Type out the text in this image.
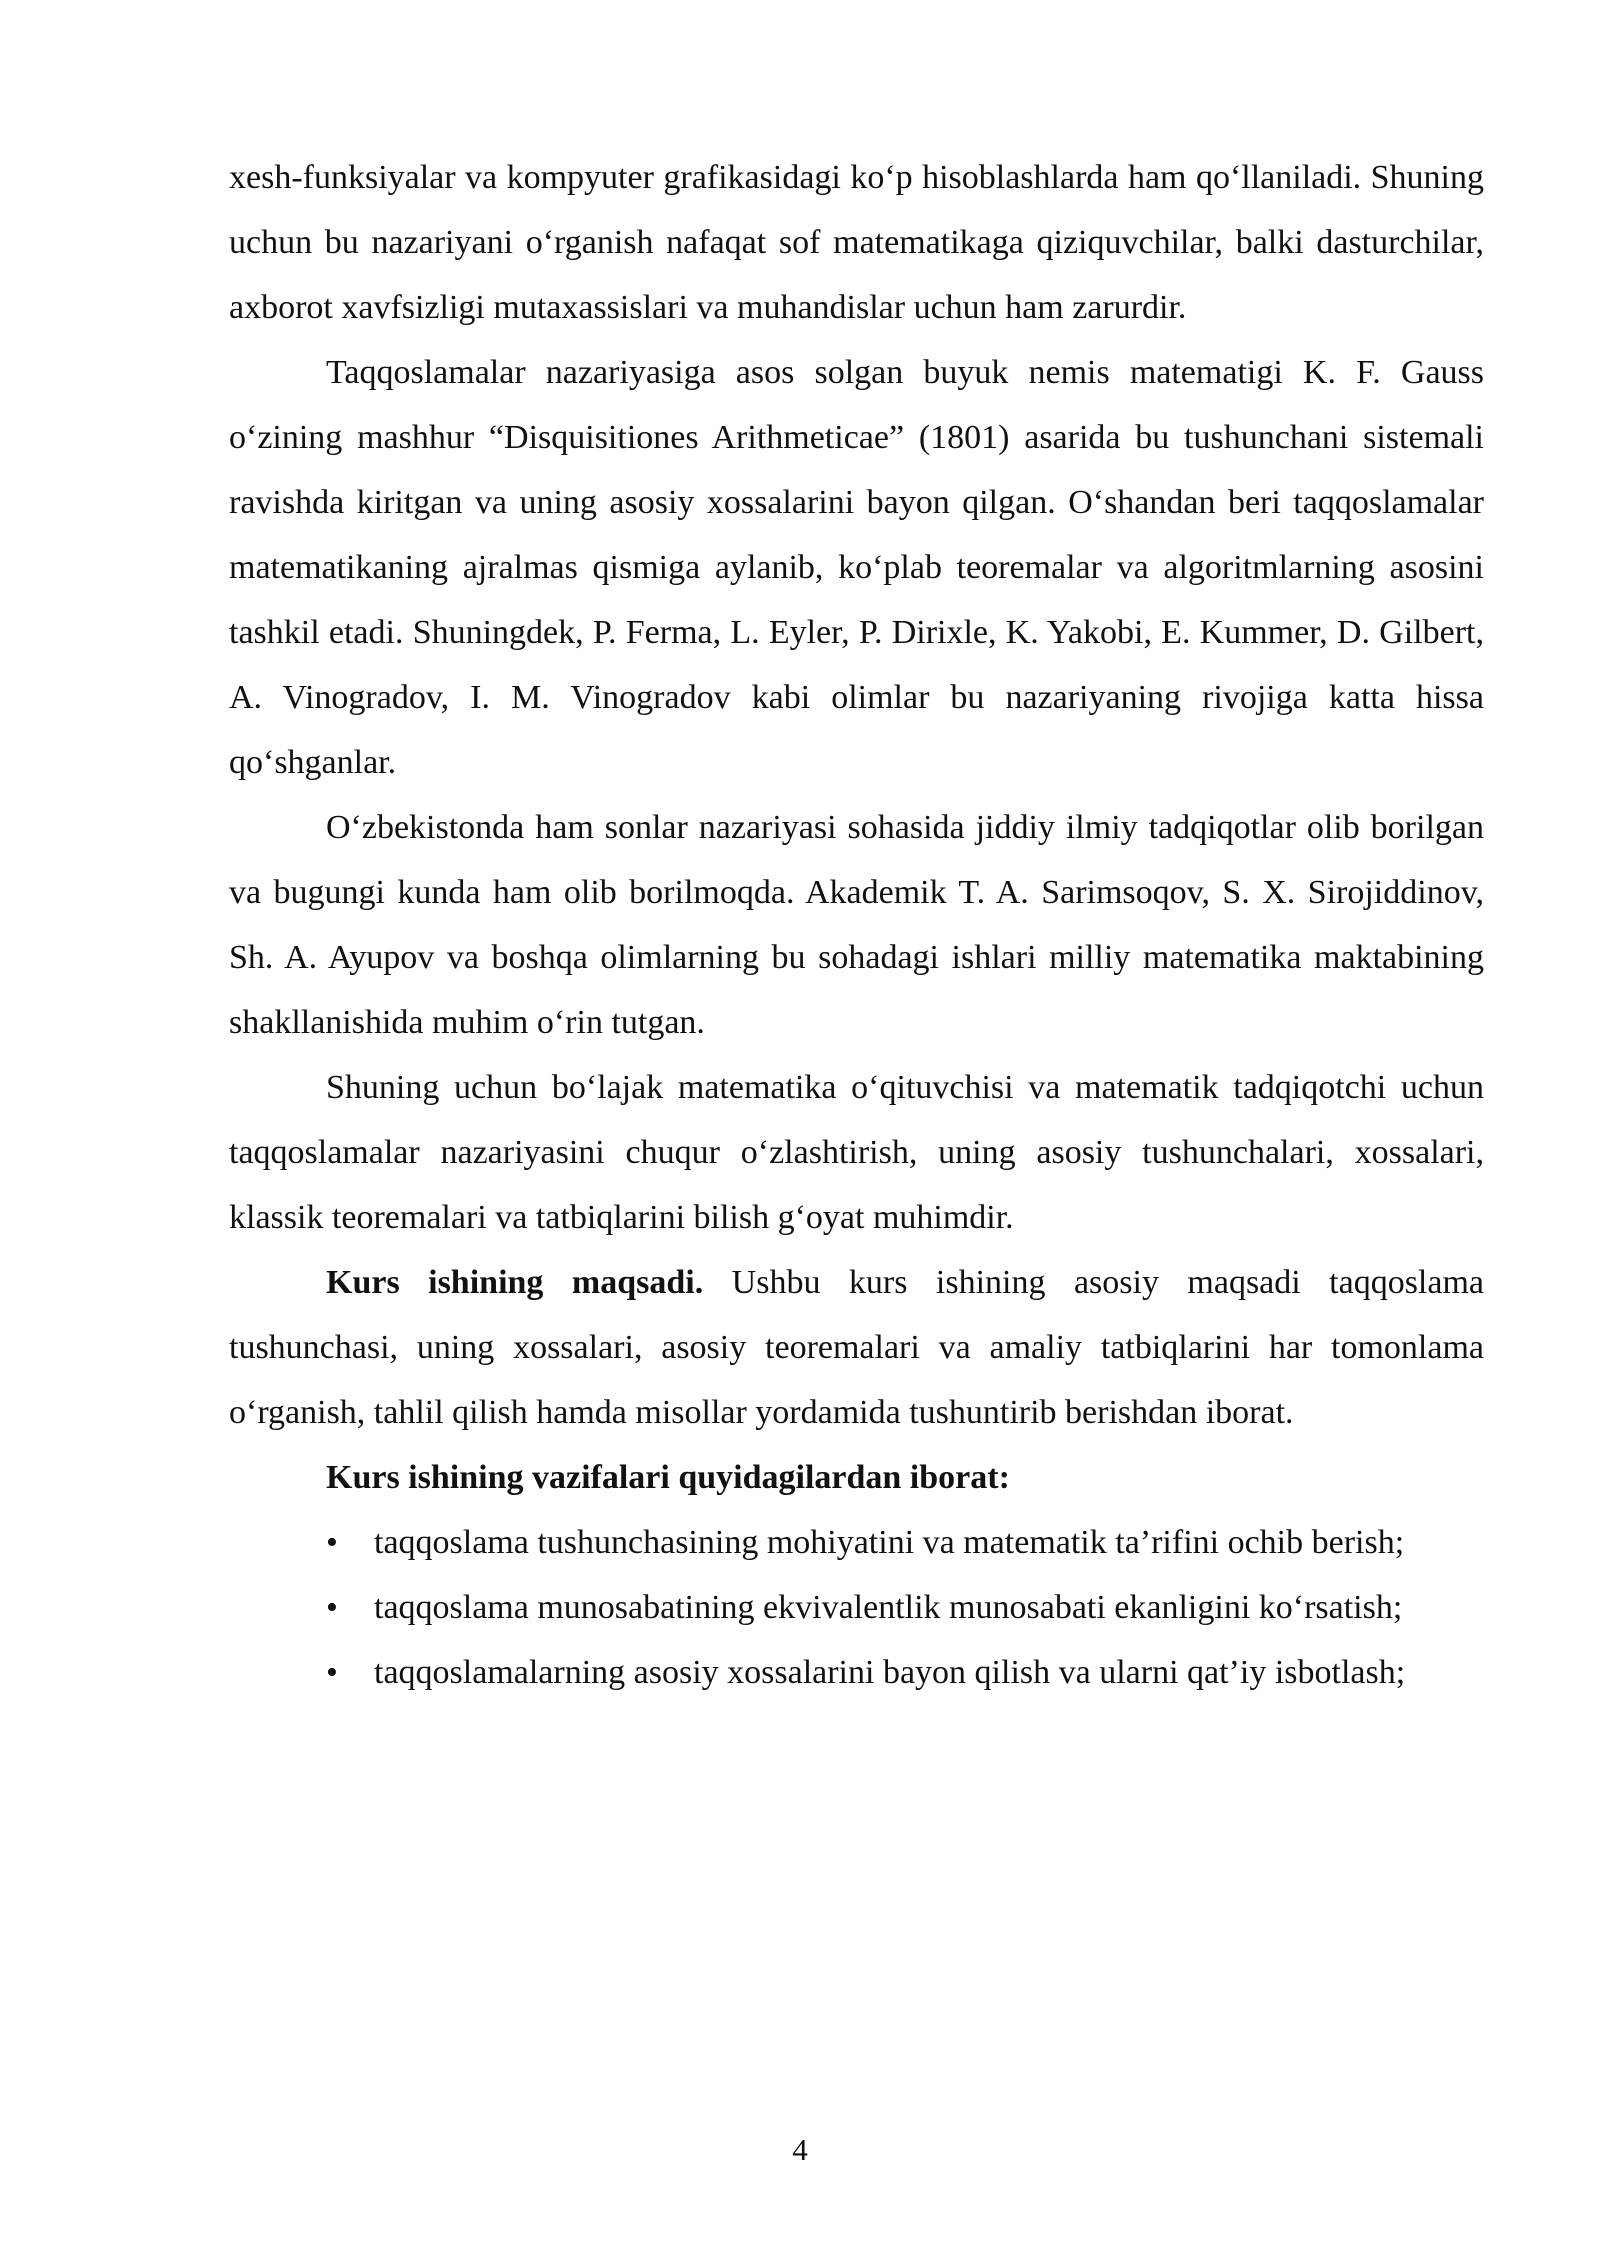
xesh-funksiyalar va kompyuter grafikasidagi ko‘p hisoblashlarda ham qo‘llaniladi. Shuning uchun bu nazariyani o‘rganish nafaqat sof matematikaga qiziquvchilar, balki dasturchilar, axborot xavfsizligi mutaxassislari va muhandislar uchun ham zarurdir.

Taqqoslamalar nazariyasiga asos solgan buyuk nemis matematigi K. F. Gauss o‘zining mashhur “Disquisitiones Arithmeticae” (1801) asarida bu tushunchani sistemali ravishda kiritgan va uning asosiy xossalarini bayon qilgan. O‘shandan beri taqqoslamalar matematikaning ajralmas qismiga aylanib, ko‘plab teoremalar va algoritmlarning asosini tashkil etadi. Shuningdek, P. Ferma, L. Eyler, P. Dirixle, K. Yakobi, E. Kummer, D. Gilbert, A. Vinogradov, I. M. Vinogradov kabi olimlar bu nazariyaning rivojiga katta hissa qo‘shganlar.

O‘zbekistonda ham sonlar nazariyasi sohasida jiddiy ilmiy tadqiqotlar olib borilgan va bugungi kunda ham olib borilmoqda. Akademik T. A. Sarimsoqov, S. X. Sirojiddinov, Sh. A. Ayupov va boshqa olimlarning bu sohadagi ishlari milliy matematika maktabining shakllanishida muhim o‘rin tutgan.

Shuning uchun bo‘lajak matematika o‘qituvchisi va matematik tadqiqotchi uchun taqqoslamalar nazariyasini chuqur o‘zlashtirish, uning asosiy tushunchalari, xossalari, klassik teoremalari va tatbiqlarini bilish g‘oyat muhimdir.

Kurs ishining maqsadi. Ushbu kurs ishining asosiy maqsadi taqqoslama tushunchasi, uning xossalari, asosiy teoremalari va amaliy tatbiqlarini har tomonlama o‘rganish, tahlil qilish hamda misollar yordamida tushuntirib berishdan iborat.

Kurs ishining vazifalari quyidagilardan iborat:

• taqqoslama tushunchasining mohiyatini va matematik ta’rifini ochib berish;
• taqqoslama munosabatining ekvivalentlik munosabati ekanligini ko‘rsatish;
• taqqoslamalarning asosiy xossalarini bayon qilish va ularni qat’iy isbotlash;
4
